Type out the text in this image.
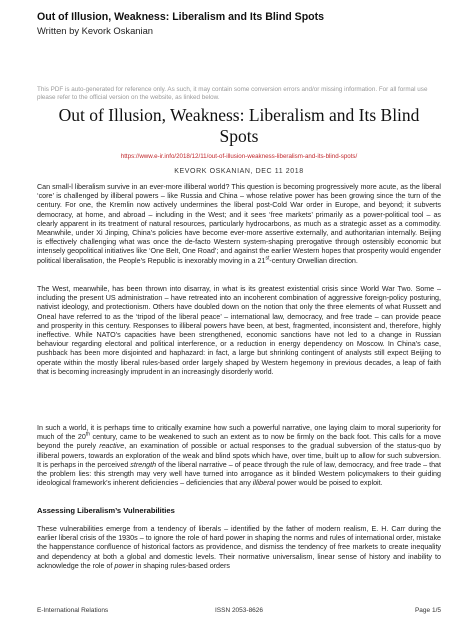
Out of Illusion, Weakness: Liberalism and Its Blind Spots
Written by Kevork Oskanian
This PDF is auto-generated for reference only. As such, it may contain some conversion errors and/or missing information. For all formal use please refer to the official version on the website, as linked below.
Out of Illusion, Weakness: Liberalism and Its Blind Spots
https://www.e-ir.info/2018/12/11/out-of-illusion-weakness-liberalism-and-its-blind-spots/
KEVORK OSKANIAN, DEC 11 2018

Can small-l liberalism survive in an ever-more illiberal world? This question is becoming progressively more acute, as the liberal ‘core’ is challenged by illiberal powers – like Russia and China – whose relative power has been growing since the turn of the century. For one, the Kremlin now actively undermines the liberal post-Cold War order in Europe, and beyond; it subverts democracy, at home, and abroad – including in the West; and it sees ‘free markets’ primarily as a power-political tool – as clearly apparent in its treatment of natural resources, particularly hydrocarbons, as much as a strategic asset as a commodity. Meanwhile, under Xi Jinping, China’s policies have become ever-more assertive externally, and authoritarian internally. Beijing is effectively challenging what was once the de-facto Western system-shaping prerogative through ostensibly economic but intensely geopolitical initiatives like ‘One Belt, One Road’; and against the earlier Western hopes that prosperity would engender political liberalisation, the People’s Republic is inexorably moving in a 21st-century Orwellian direction.

The West, meanwhile, has been thrown into disarray, in what is its greatest existential crisis since World War Two. Some – including the present US administration – have retreated into an incoherent combination of aggressive foreign-policy posturing, nativist ideology, and protectionism. Others have doubled down on the notion that only the three elements of what Russett and Oneal have referred to as the ‘tripod of the liberal peace’ – international law, democracy, and free trade – can provide peace and prosperity in this century. Responses to illiberal powers have been, at best, fragmented, inconsistent and, therefore, highly ineffective. While NATO’s capacities have been strengthened, economic sanctions have not led to a change in Russian behaviour regarding electoral and political interference, or a reduction in energy dependency on Moscow. In China’s case, pushback has been more disjointed and haphazard: in fact, a large but shrinking contingent of analysts still expect Beijing to operate within the mostly liberal rules-based order largely shaped by Western hegemony in previous decades, a leap of faith that is becoming increasingly imprudent in an increasingly disorderly world.

In such a world, it is perhaps time to critically examine how such a powerful narrative, one laying claim to moral superiority for much of the 20th century, came to be weakened to such an extent as to now be firmly on the back foot. This calls for a move beyond the purely reactive, an examination of possible or actual responses to the gradual subversion of the status-quo by illiberal powers, towards an exploration of the weak and blind spots which have, over time, built up to allow for such subversion. It is perhaps in the perceived strength of the liberal narrative – of peace through the rule of law, democracy, and free trade – that the problem lies: this strength may very well have turned into arrogance as it blinded Western policymakers to their guiding ideological framework’s inherent deficiencies – deficiencies that any illiberal power would be poised to exploit.

Assessing Liberalism’s Vulnerabilities

These vulnerabilities emerge from a tendency of liberals – identified by the father of modern realism, E. H. Carr during the earlier liberal crisis of the 1930s – to ignore the role of hard power in shaping the norms and rules of international order, mistake the happenstance confluence of historical factors as providence, and dismiss the tendency of free markets to create inequality and dependency at both a global and domestic levels. Their normative universalism, linear sense of history and inability to acknowledge the role of power in shaping rules-based orders

E-International Relations	ISSN 2053-8626	Page 1/5
